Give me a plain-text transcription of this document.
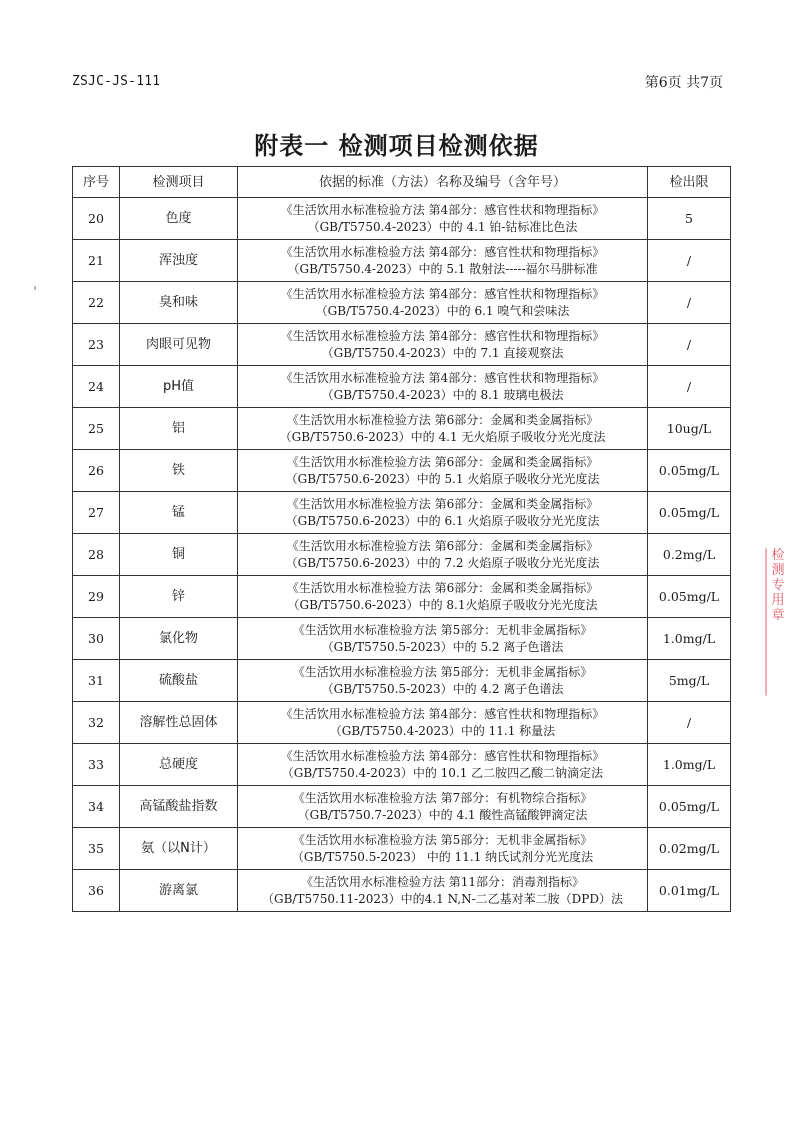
ZSJC-JS-111	第6页 共7页
附表一 检测项目检测依据
序号	检测项目	依据的标准（方法）名称及编号（含年号）	检出限
20	色度	《生活饮用水标准检验方法 第4部分：感官性状和物理指标》
（GB/T5750.4-2023）中的 4.1 铂-钴标准比色法	5
21	浑浊度	《生活饮用水标准检验方法 第4部分：感官性状和物理指标》
（GB/T5750.4-2023）中的 5.1 散射法-----福尔马肼标准	/
22	臭和味	《生活饮用水标准检验方法 第4部分：感官性状和物理指标》
（GB/T5750.4-2023）中的 6.1 嗅气和尝味法	/
23	肉眼可见物	《生活饮用水标准检验方法 第4部分：感官性状和物理指标》
（GB/T5750.4-2023）中的 7.1 直接观察法	/
24	pH值	《生活饮用水标准检验方法 第4部分：感官性状和物理指标》
（GB/T5750.4-2023）中的 8.1 玻璃电极法	/
25	铝	《生活饮用水标准检验方法 第6部分：金属和类金属指标》
（GB/T5750.6-2023）中的 4.1 无火焰原子吸收分光光度法	10ug/L
26	铁	《生活饮用水标准检验方法 第6部分：金属和类金属指标》
（GB/T5750.6-2023）中的 5.1 火焰原子吸收分光光度法	0.05mg/L
27	锰	《生活饮用水标准检验方法 第6部分：金属和类金属指标》
（GB/T5750.6-2023）中的 6.1 火焰原子吸收分光光度法	0.05mg/L
28	铜	《生活饮用水标准检验方法 第6部分：金属和类金属指标》
（GB/T5750.6-2023）中的 7.2 火焰原子吸收分光光度法	0.2mg/L
29	锌	《生活饮用水标准检验方法 第6部分：金属和类金属指标》
（GB/T5750.6-2023）中的 8.1火焰原子吸收分光光度法	0.05mg/L
30	氯化物	《生活饮用水标准检验方法 第5部分：无机非金属指标》
（GB/T5750.5-2023）中的 5.2 离子色谱法	1.0mg/L
31	硫酸盐	《生活饮用水标准检验方法 第5部分：无机非金属指标》
（GB/T5750.5-2023）中的 4.2 离子色谱法	5mg/L
32	溶解性总固体	《生活饮用水标准检验方法 第4部分：感官性状和物理指标》
（GB/T5750.4-2023）中的 11.1 称量法	/
33	总硬度	《生活饮用水标准检验方法 第4部分：感官性状和物理指标》
（GB/T5750.4-2023）中的 10.1 乙二胺四乙酸二钠滴定法	1.0mg/L
34	高锰酸盐指数	《生活饮用水标准检验方法 第7部分：有机物综合指标》
（GB/T5750.7-2023）中的 4.1 酸性高锰酸钾滴定法	0.05mg/L
35	氨（以N计）	《生活饮用水标准检验方法 第5部分：无机非金属指标》
（GB/T5750.5-2023） 中的 11.1 纳氏试剂分光光度法	0.02mg/L
36	游离氯	《生活饮用水标准检验方法 第11部分：消毒剂指标》
（GB/T5750.11-2023）中的4.1 N,N-二乙基对苯二胺（DPD）法	0.01mg/L
检测专用章
